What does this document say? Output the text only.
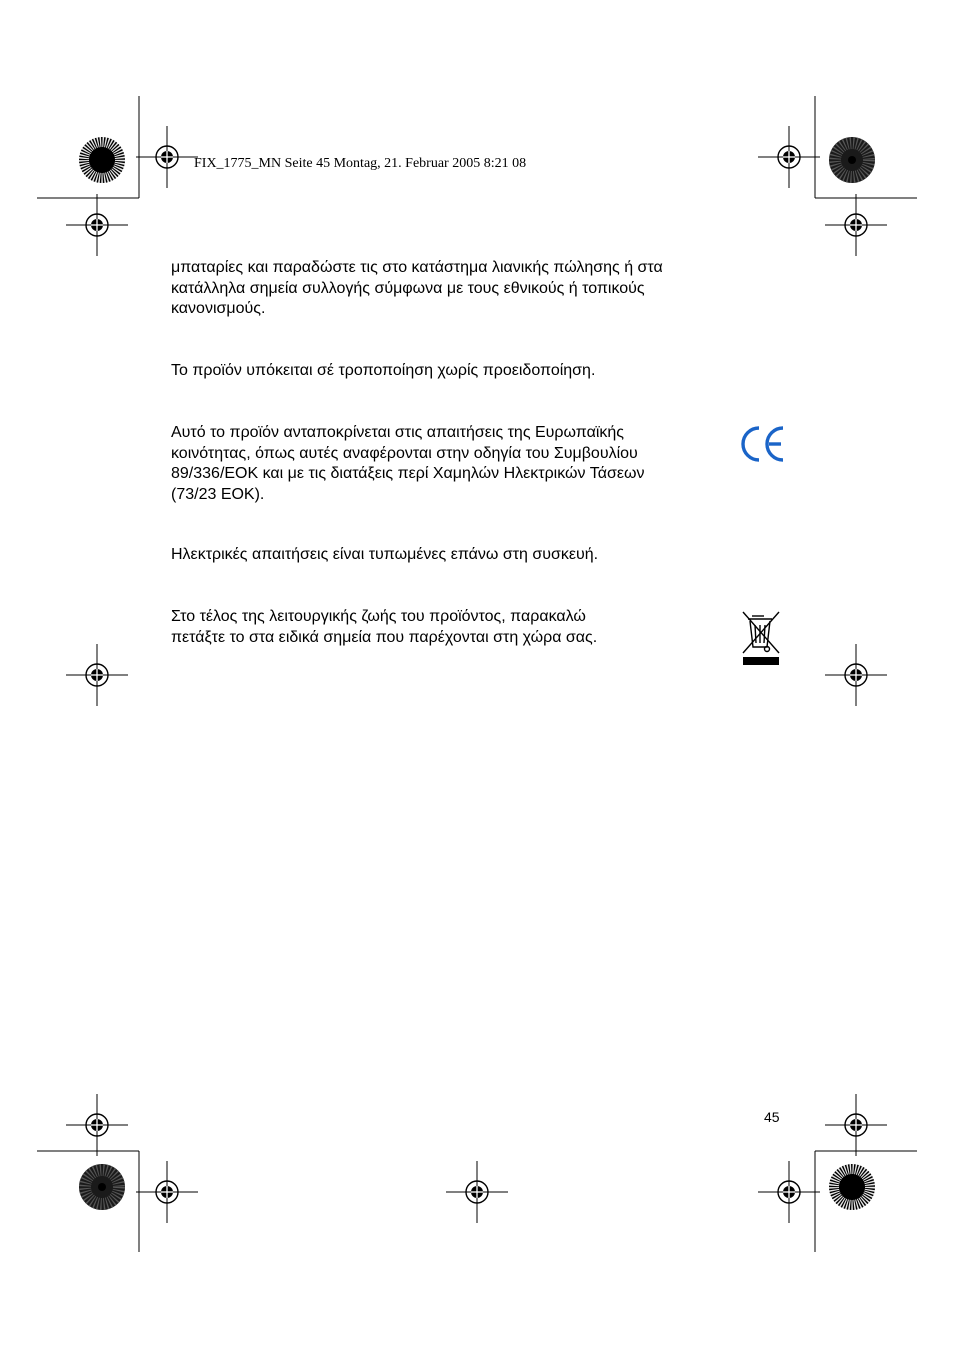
FIX_1775_MN Seite 45 Montag, 21. Februar 2005 8:21 08
μπαταρίες και παραδώστε τις στο κατάστημα λιανικής πώλησης ή στα
κατάλληλα σημεία συλλογής σύμφωνα με τους εθνικούς ή τοπικούς
κανονισμούς.
Το προϊόν υπόκειται σέ τροποποίηση χωρίς προειδοποίηση.
Αυτό το προϊόν ανταποκρίνεται στις απαιτήσεις της Ευρωπαϊκής
κοινότητας, όπως αυτές αναφέρονται στην οδηγία του Συμβουλίου
89/336/ΕΟΚ και με τις διατάξεις περί Χαμηλών Ηλεκτρικών Τάσεων
(73/23 ΕΟΚ).
Ηλεκτρικές απαιτήσεις είναι τυπωμένες επάνω στη συσκευή.
Στο τέλος της λειτουργικής ζωής του προϊόντος, παρακαλώ
πετάξτε το στα ειδικά σημεία που παρέχονται στη χώρα σας.
45
